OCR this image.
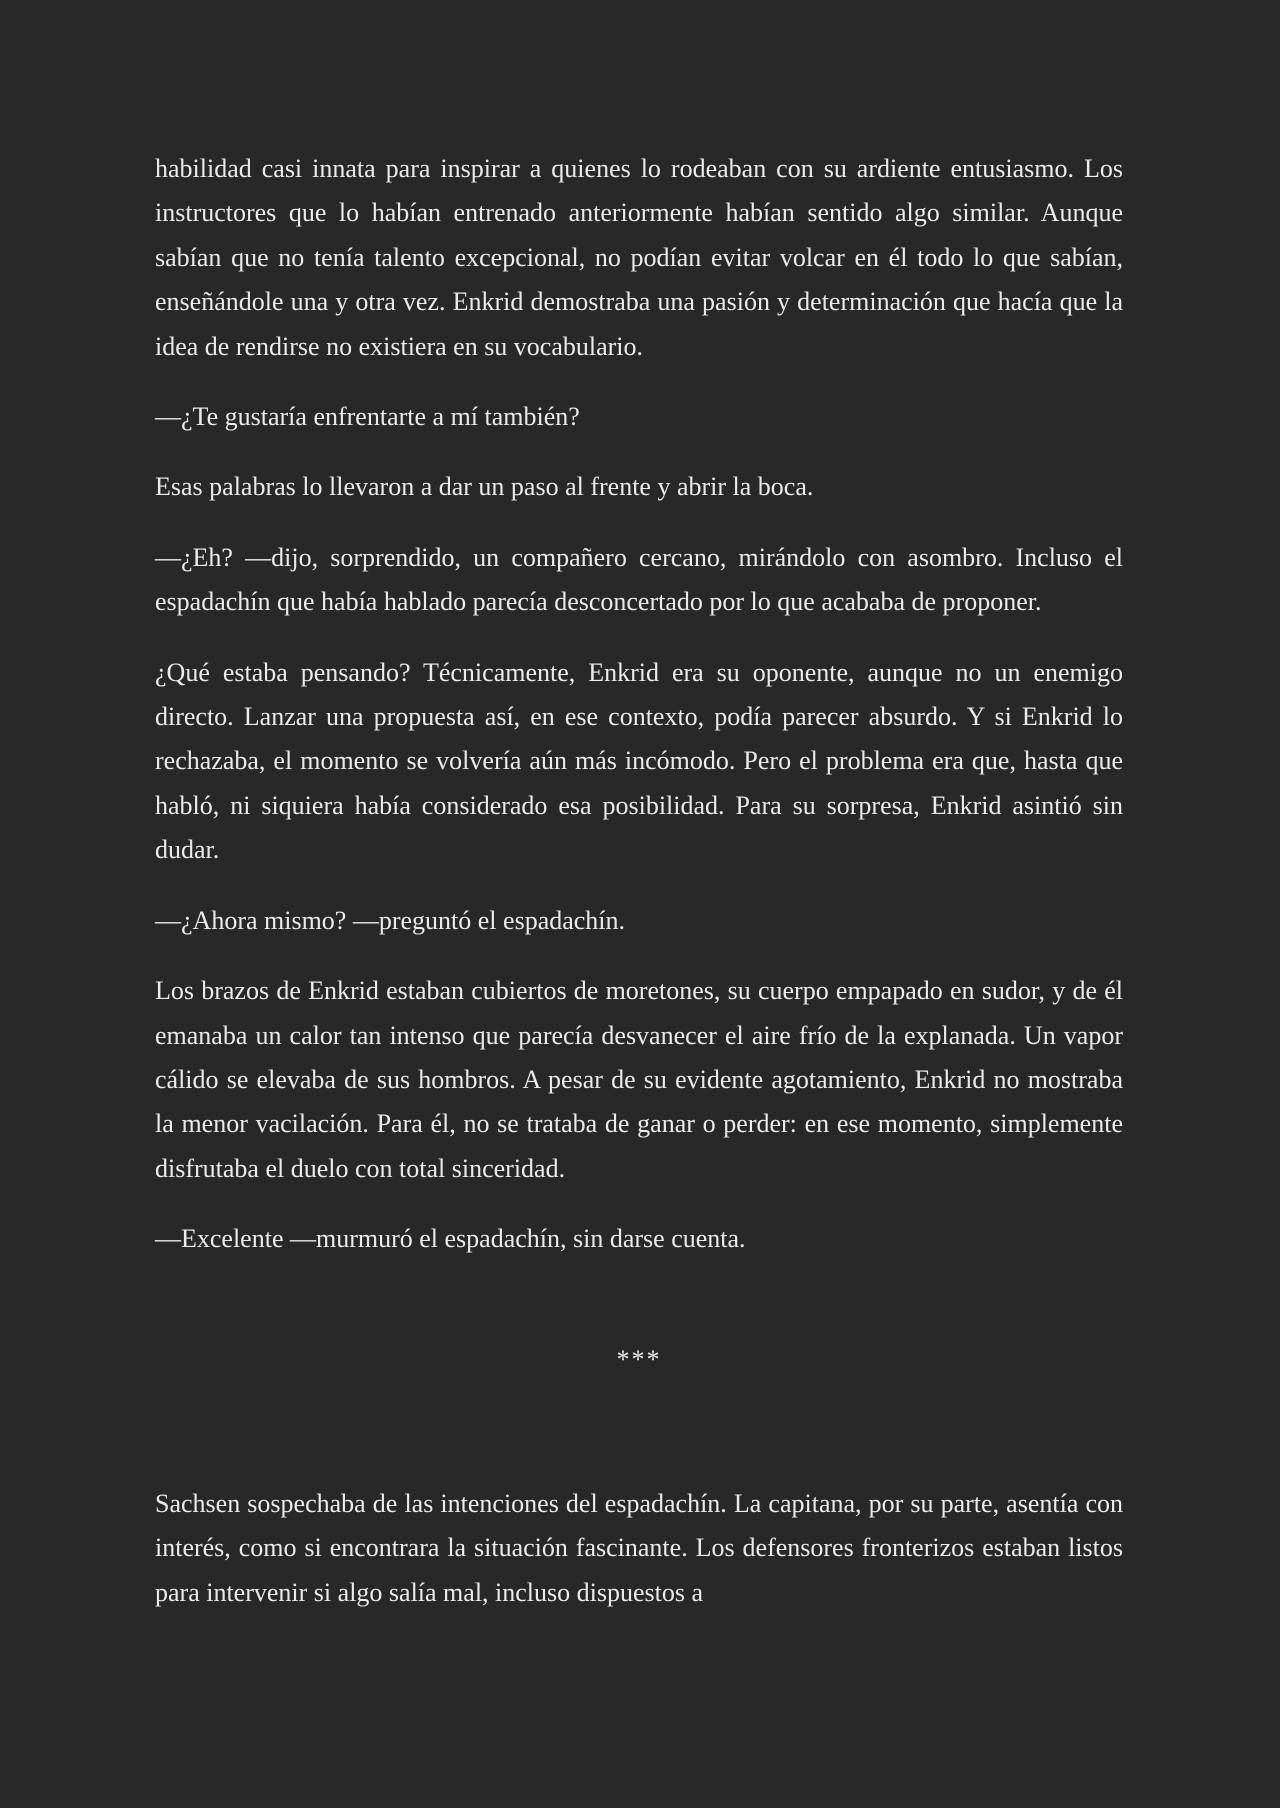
habilidad casi innata para inspirar a quienes lo rodeaban con su ardiente entusiasmo. Los instructores que lo habían entrenado anteriormente habían sentido algo similar. Aunque sabían que no tenía talento excepcional, no podían evitar volcar en él todo lo que sabían, enseñándole una y otra vez. Enkrid demostraba una pasión y determinación que hacía que la idea de rendirse no existiera en su vocabulario.

—¿Te gustaría enfrentarte a mí también?

Esas palabras lo llevaron a dar un paso al frente y abrir la boca.

—¿Eh? —dijo, sorprendido, un compañero cercano, mirándolo con asombro. Incluso el espadachín que había hablado parecía desconcertado por lo que acababa de proponer.

¿Qué estaba pensando? Técnicamente, Enkrid era su oponente, aunque no un enemigo directo. Lanzar una propuesta así, en ese contexto, podía parecer absurdo. Y si Enkrid lo rechazaba, el momento se volvería aún más incómodo. Pero el problema era que, hasta que habló, ni siquiera había considerado esa posibilidad. Para su sorpresa, Enkrid asintió sin dudar.

—¿Ahora mismo? —preguntó el espadachín.

Los brazos de Enkrid estaban cubiertos de moretones, su cuerpo empapado en sudor, y de él emanaba un calor tan intenso que parecía desvanecer el aire frío de la explanada. Un vapor cálido se elevaba de sus hombros. A pesar de su evidente agotamiento, Enkrid no mostraba la menor vacilación. Para él, no se trataba de ganar o perder: en ese momento, simplemente disfrutaba el duelo con total sinceridad.

—Excelente —murmuró el espadachín, sin darse cuenta.

***

Sachsen sospechaba de las intenciones del espadachín. La capitana, por su parte, asentía con interés, como si encontrara la situación fascinante. Los defensores fronterizos estaban listos para intervenir si algo salía mal, incluso dispuestos a
